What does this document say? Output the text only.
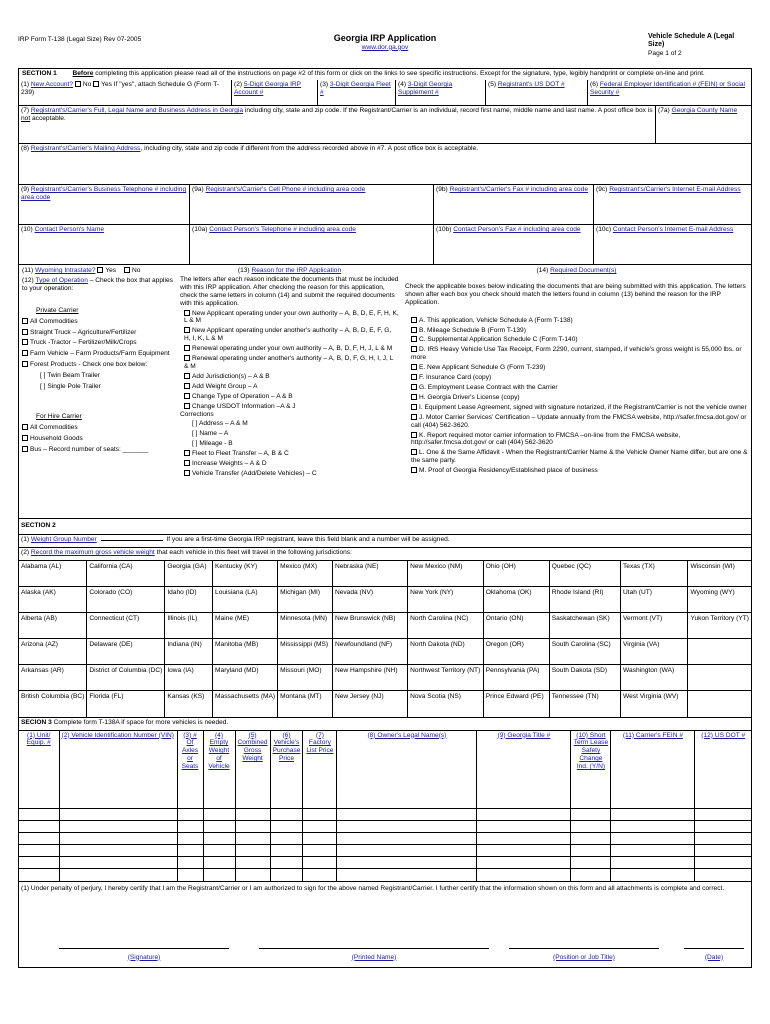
IRP Form T-138 (Legal Size) Rev 07-2005	Georgia IRP Application
www.dor.ga.gov
Vehicle Schedule A (Legal Size)
Page 1 of 2
SECTION 1 Before completing this application please read all of the instructions on page #2 of this form or click on the links to see specific instructions. Except for the signature, type, legibly handprint or complete on-line and print.
(1) New Account? No Yes If "yes", attach Schedule G (Form T-239)
(2) 5-Digit Georgia IRP Account #
(3) 3-Digit Georgia Fleet #
(4) 3-Digit Georgia Supplement #
(5) Registrant's US DOT #	(6) Federal Employer Identification # (FEIN) or Social Security #
(7) Registrant's/Carrier's Full, Legal Name and Business Address in Georgia including city, state and zip code. If the Registrant/Carrier is an individual, record first name, middle name and last name. A post office box is not acceptable.
(7a) Georgia County Name
(8) Registrant's/Carrier's Mailing Address, including city, state and zip code if different from the address recorded above in #7. A post office box is acceptable.
(9) Registrant's/Carrier's Business Telephone # including area code
(9a) Registrant's/Carrier's Cell Phone # including area code	(9b) Registrant's/Carrier's Fax # including area code	(9c) Registrant's/Carrier's Internet E-mail Address
(10) Contact Person's Name	(10a) Contact Person's Telephone # including area code	(10b) Contact Person's Fax # including area code	(10c) Contact Person's Internet E-mail Address
(11) Wyoming Intrastate? Yes No
(12) Type of Operation – Check the box that applies to your operation:
Private Carrier
All Commodities
Straight Truck – Agriculture/Fertilizer
Truck -Tractor – Fertilizer/Milk/Crops
Farm Vehicle – Farm Products/Farm Equipment
Forest Products - Check one box below:
[ ] Twin Beam Trailer
[ ] Single Pole Trailer
For Hire Carrier
All Commodities
Household Goods
Bus – Record number of seats: _______
(13) Reason for the IRP Application
The letters after each reason indicate the documents that must be included with this IRP application. After checking the reason for this application, check the same letters in column (14) and submit the required documents with this application.
New Applicant operating under your own authority – A, B, D, E, F, H, K, L & M
New Applicant operating under another's authority – A, B, D, E, F, G, H, I, K, L & M
Renewal operating under your own authority – A, B, D, F, H, J, L & M
Renewal operating under another's authority – A, B, D, F, G, H, I, J, L & M
Add Jurisdiction(s) – A & B
Add Weight Group – A
Change Type of Operation – A & B
Change USDOT Information –A & J
Corrections
[ ] Address – A & M
[ ] Name – A
[ ] Mileage - B
Fleet to Fleet Transfer – A, B & C
Increase Weights – A & D
Vehicle Transfer (Add/Delete Vehicles) – C
(14) Required Document(s)
Check the applicable boxes below indicating the documents that are being submitted with this application. The letters shown after each box you check should match the letters found in column (13) behind the reason for the IRP Application.
A. This application, Vehicle Schedule A (Form T-138)
B. Mileage Schedule B (Form T-139)
C. Supplemental Application Schedule C (Form T-140)
D. IRS Heavy Vehicle Use Tax Receipt, Form 2290, current, stamped, if vehicle's gross weight is 55,000 lbs. or more
E. New Applicant Schedule G (Form T-239)
F. Insurance Card (copy)
G. Employment Lease Contract with the Carrier
H. Georgia Driver's License (copy)
I. Equipment Lease Agreement, signed with signature notarized, if the Registrant/Carrier is not the vehicle owner
J. Motor Carrier Services' Certification – Update annually from the FMCSA website, http://safer.fmcsa.dot.gov/ or call (404) 562-3620.
K. Report required motor carrier information to FMCSA –on-line from the FMCSA website, http://safer.fmcsa.dot.gov/ or call (404) 562-3620
L. One & the Same Affidavit - When the Registrant/Carrier Name & the Vehicle Owner Name differ, but are one & the same party.
M. Proof of Georgia Residency/Established place of business
SECTION 2
(1) Weight Group Number	If you are a first-time Georgia IRP registrant, leave this field blank and a number will be assigned.
(2) Record the maximum gross vehicle weight that each vehicle in this fleet will travel in the following jurisdictions:
Alabama (AL)	California (CA)	Georgia (GA)	Kentucky (KY)	Mexico (MX)	Nebraska (NE)	New Mexico (NM)	Ohio (OH)	Quebec (QC)	Texas (TX)	Wisconsin (WI)
Alaska (AK)	Colorado (CO)	Idaho (ID)	Louisiana (LA)	Michigan (MI)	Nevada (NV)	New York (NY)	Oklahoma (OK)	Rhode Island (RI)	Utah (UT)	Wyoming (WY)
Alberta (AB)	Connecticut (CT)	Illinois (IL)	Maine (ME)	Minnesota (MN)	New Brunswick (NB)	North Carolina (NC)	Ontario (ON)	Saskatchewan (SK)	Vermont (VT)	Yukon Territory (YT)
Arizona (AZ)	Delaware (DE)	Indiana (IN)	Manitoba (MB)	Mississippi (MS)	Newfoundland (NF)	North Dakota (ND)	Oregon (OR)	South Carolina (SC)	Virginia (VA)	
Arkansas (AR)	District of Columbia (DC)	Iowa (IA)	Maryland (MD)	Missouri (MO)	New Hampshire (NH)	Northwest Territory (NT)	Pennsylvania (PA)	South Dakota (SD)	Washington (WA)	
British Columbia (BC)	Florida (FL)	Kansas (KS)	Massachusetts (MA)	Montana (MT)	New Jersey (NJ)	Nova Scotia (NS)	Prince Edward (PE)	Tennessee (TN)	West Virginia (WV)	
SECION 3 Complete form T-138A if space for more vehicles is needed.
(1) Unit/ Equip. #	(2) Vehicle Identification Number (VIN)	(3) # Of Axles or Seats	(4) Empty Weight of Vehicle	(5) Combined Gross Weight	(6) Vehicle's Purchase Price	(7) Factory List Price	(8) Owner's Legal Name(s)	(9) Georgia Title #	(10) Short Term Lease Safety Change Ind. (Y/N)	(11) Carrier's FEIN #	(12) US DOT #

(1) Under penalty of perjury, I hereby certify that I am the Registrant/Carrier or I am authorized to sign for the above named Registrant/Carrier. I further certify that the information shown on this form and all attachments is complete and correct.
(Signature)	(Printed Name)	(Position or Job Title)	(Date)
